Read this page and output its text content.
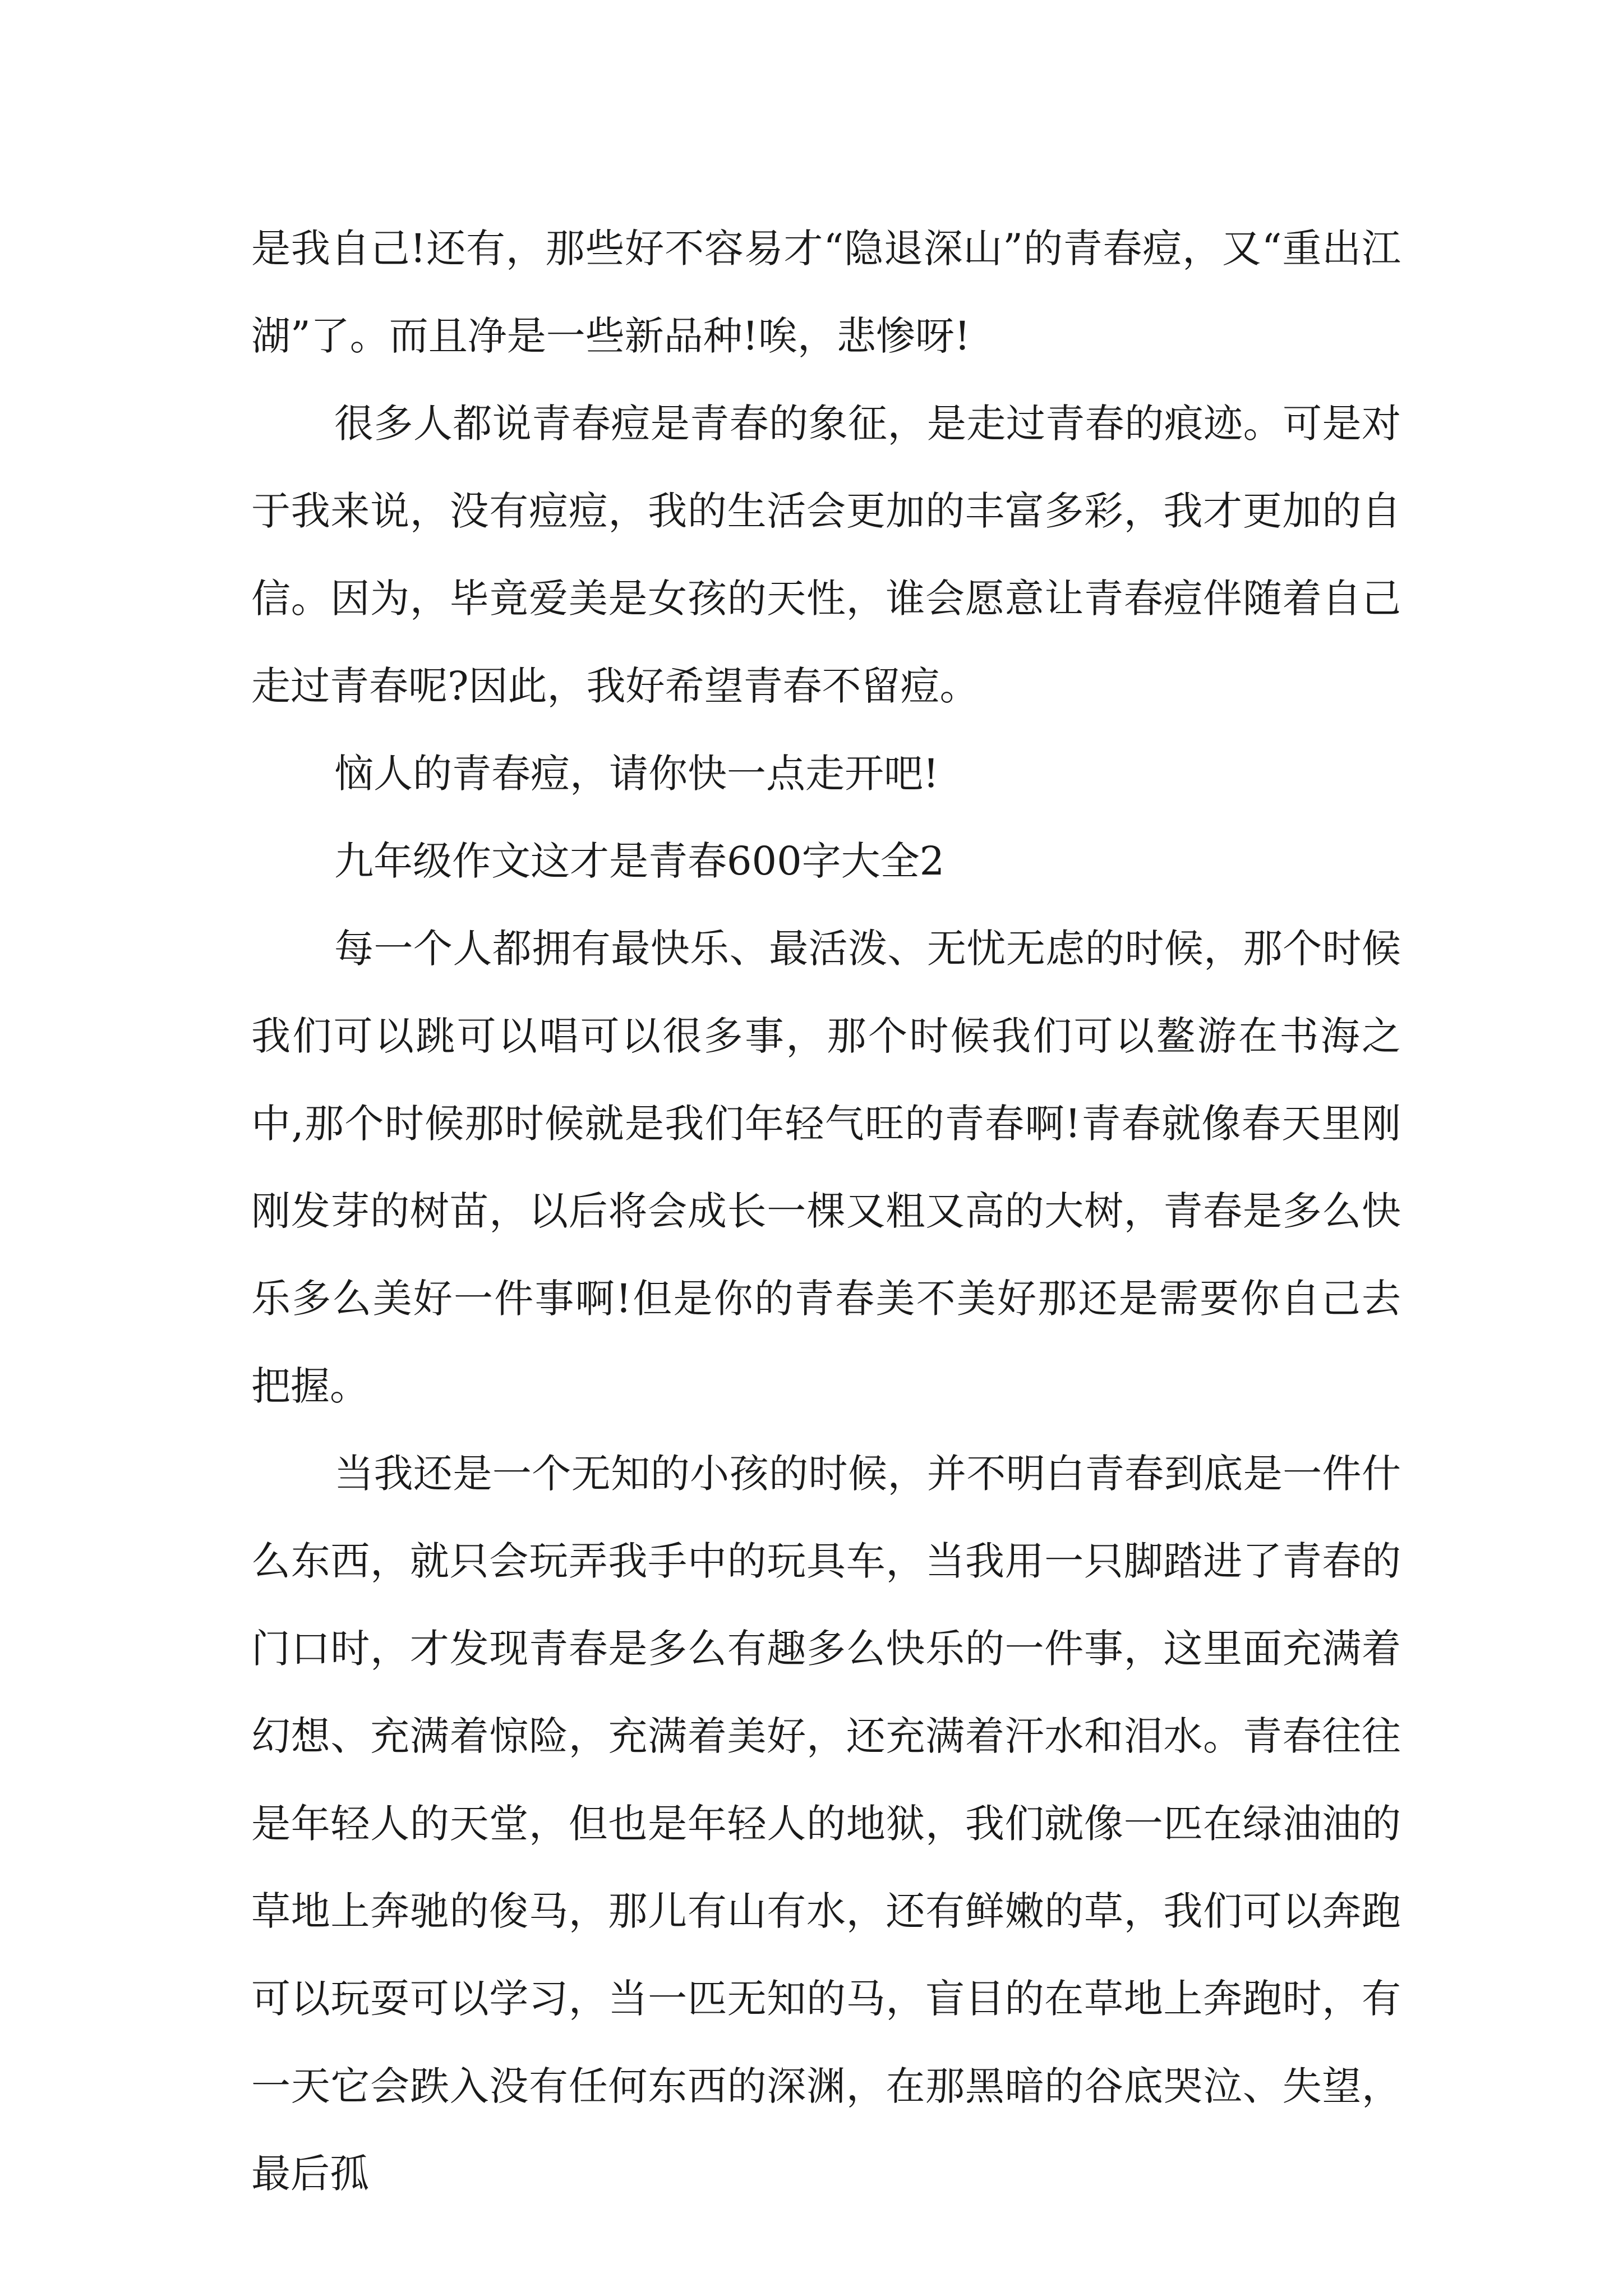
是我自己!还有，那些好不容易才“隐退深山”的青春痘，又“重出江湖”了。而且净是一些新品种!唉，悲惨呀!

很多人都说青春痘是青春的象征，是走过青春的痕迹。可是对于我来说，没有痘痘，我的生活会更加的丰富多彩，我才更加的自信。因为，毕竟爱美是女孩的天性，谁会愿意让青春痘伴随着自己走过青春呢?因此，我好希望青春不留痘。

恼人的青春痘，请你快一点走开吧!

九年级作文这才是青春600字大全2

每一个人都拥有最快乐、最活泼、无忧无虑的时候，那个时候我们可以跳可以唱可以很多事，那个时候我们可以鳌游在书海之中,那个时候那时候就是我们年轻气旺的青春啊!青春就像春天里刚刚发芽的树苗，以后将会成长一棵又粗又高的大树，青春是多么快乐多么美好一件事啊!但是你的青春美不美好那还是需要你自己去把握。

当我还是一个无知的小孩的时候，并不明白青春到底是一件什么东西，就只会玩弄我手中的玩具车，当我用一只脚踏进了青春的门口时，才发现青春是多么有趣多么快乐的一件事，这里面充满着幻想、充满着惊险，充满着美好，还充满着汗水和泪水。青春往往是年轻人的天堂，但也是年轻人的地狱，我们就像一匹在绿油油的草地上奔驰的俊马，那儿有山有水，还有鲜嫩的草，我们可以奔跑可以玩耍可以学习，当一匹无知的马，盲目的在草地上奔跑时，有一天它会跌入没有任何东西的深渊，在那黑暗的谷底哭泣、失望，最后孤
